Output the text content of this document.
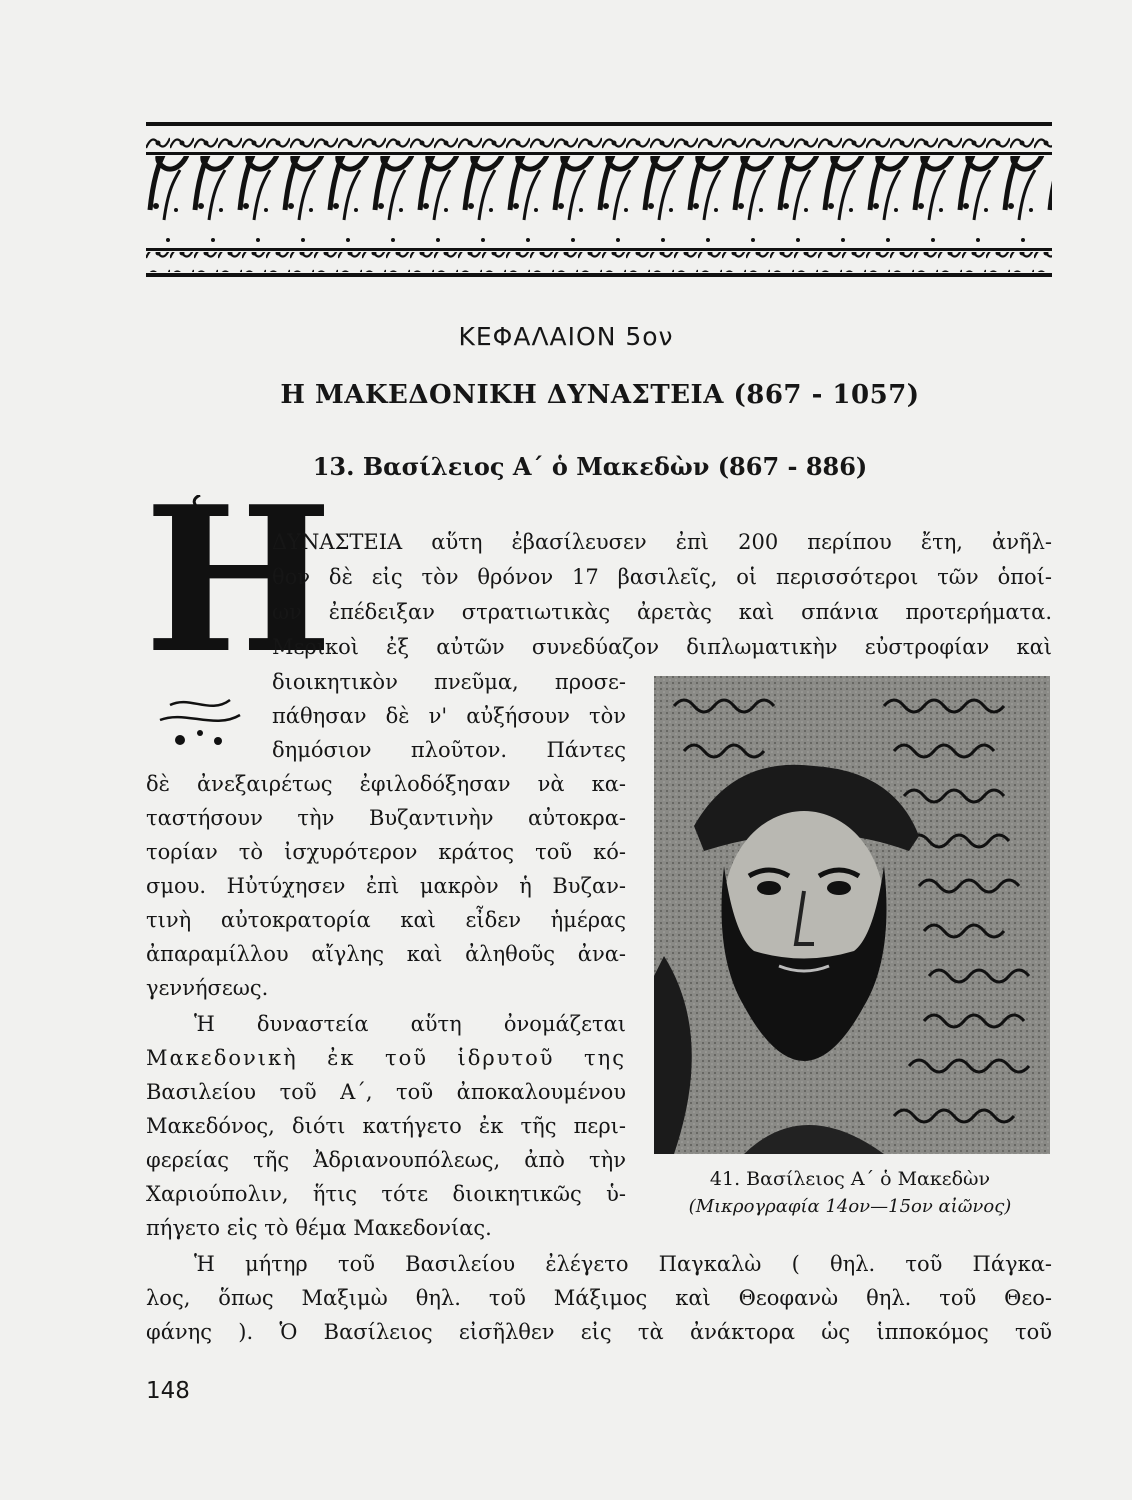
ΚΕΦΑΛΑΙΟΝ 5ον
Η ΜΑΚΕΔΟΝΙΚΗ ΔΥΝΑΣΤΕΙΑ (867 - 1057)
13. Βασίλειος Α΄ ὁ Μακεδὼν (867 - 886)
Η
ΔΥΝΑΣΤΕΙΑ αὕτη ἐβασίλευσεν ἐπὶ 200 περίπου ἔτη, ἀνῆλ-
θον δὲ εἰς τὸν θρόνον 17 βασιλεῖς, οἱ περισσότεροι τῶν ὁποί-
ων ἐπέδειξαν στρατιωτικὰς ἀρετὰς καὶ σπάνια προτερήματα.
Μερικοὶ ἐξ αὐτῶν συνεδύαζον διπλωματικὴν εὐστροφίαν καὶ
διοικητικὸν πνεῦμα, προσε-
πάθησαν δὲ ν' αὐξήσουν τὸν
δημόσιον πλοῦτον. Πάντες
δὲ ἀνεξαιρέτως ἐφιλοδόξησαν νὰ κα-
ταστήσουν τὴν Βυζαντινὴν αὐτοκρα-
τορίαν τὸ ἰσχυρότερον κράτος τοῦ κό-
σμου. Ηὐτύχησεν ἐπὶ μακρὸν ἡ Βυζαν-
τινὴ αὐτοκρατορία καὶ εἶδεν ἡμέρας
ἀπαραμίλλου αἴγλης καὶ ἀληθοῦς ἀνα-
γεννήσεως.
Ἡ δυναστεία αὕτη ὀνομάζεται
Μακεδονικὴ ἐκ τοῦ ἱδρυτοῦ της
Βασιλείου τοῦ Α΄, τοῦ ἀποκαλουμένου
Μακεδόνος, διότι κατήγετο ἐκ τῆς περι-
φερείας τῆς Ἀδριανουπόλεως, ἀπὸ τὴν
Χαριούπολιν, ἥτις τότε διοικητικῶς ὑ-
πήγετο εἰς τὸ θέμα Μακεδονίας.
Ἡ μήτηρ τοῦ Βασιλείου ἐλέγετο Παγκαλὼ ( θηλ. τοῦ Πάγκα-
λος, ὅπως Μαξιμὼ θηλ. τοῦ Μάξιμος καὶ Θεοφανὼ θηλ. τοῦ Θεο-
φάνης ). Ὁ Βασίλειος εἰσῆλθεν εἰς τὰ ἀνάκτορα ὡς ἱπποκόμος τοῦ
41. Βασίλειος Α΄ ὁ Μακεδὼν
(Μικρογραφία 14ον—15ον αἰῶνος)
148
